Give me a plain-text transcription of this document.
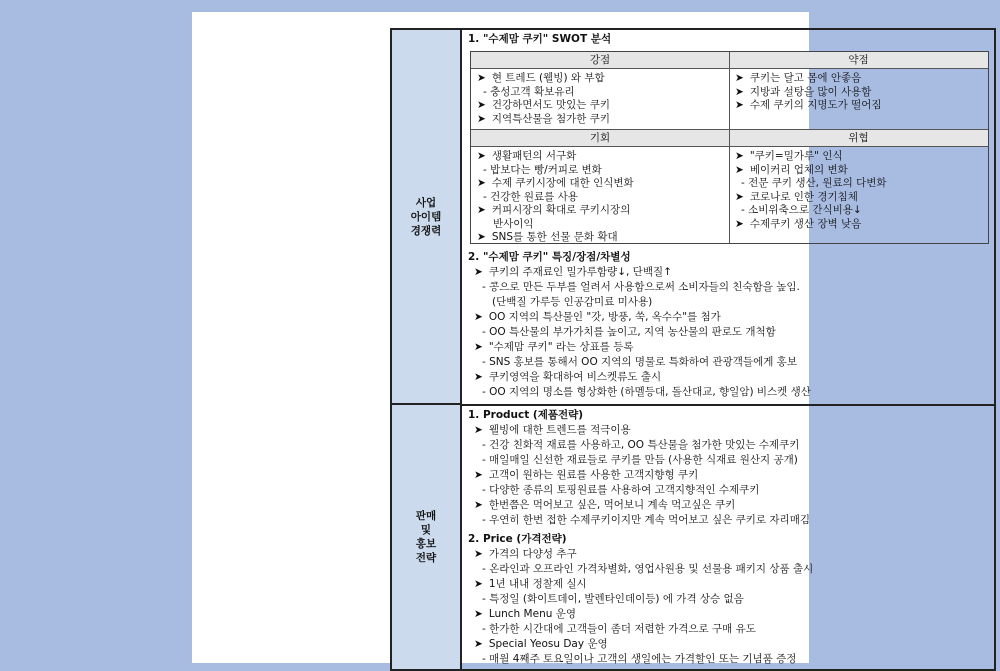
사업
아이템
경쟁력
판매
및
홍보
전략
1. "수제맘 쿠키" SWOT 분석
강점	약점
➤ 현 트레드 (웰빙) 와 부합
- 충성고객 확보유리
➤ 건강하면서도 맛있는 쿠키
➤ 지역특산물을 첨가한 쿠키
➤ 쿠키는 달고 몸에 안좋음
➤ 지방과 설탕을 많이 사용함
➤ 수제 쿠키의 지명도가 떨어짐
기회	위협
➤ 생활패턴의 서구화
- 밥보다는 빵/커피로 변화
➤ 수제 쿠키시장에 대한 인식변화
- 건강한 원료를 사용
➤ 커피시장의 확대로 쿠키시장의
반사이익
➤ SNS를 통한 선물 문화 확대
➤ "쿠키=밀가루" 인식
➤ 베이커리 업체의 변화
- 전문 쿠키 생산, 원료의 다변화
➤ 코로나로 인한 경기침체
- 소비위축으로 간식비용↓
➤ 수제쿠키 생산 장벽 낮음
2. "수제맘 쿠키" 특징/장점/차별성
➤ 쿠키의 주재료인 밀가루함량↓, 단백질↑
- 콩으로 만든 두부를 얼려서 사용함으로써 소비자들의 친숙함을 높임.
(단백질 가루등 인공감미료 미사용)
➤ OO 지역의 특산물인 "갓, 방풍, 쑥, 옥수수"를 첨가
- OO 특산물의 부가가치를 높이고, 지역 농산물의 판로도 개척함
➤ "수제맘 쿠키" 라는 상표를 등록
- SNS 홍보를 통해서 OO 지역의 명물로 특화하여 관광객들에게 홍보
➤ 쿠키영역을 확대하여 비스켓류도 출시
- OO 지역의 명소를 형상화한 (하멜등대, 돌산대교, 향일암) 비스켓 생산
1. Product (제품전략)
➤ 웰빙에 대한 트렌드를 적극이용
- 건강 친화적 재료를 사용하고, OO 특산물을 첨가한 맛있는 수제쿠키
- 매일매일 신선한 재료들로 쿠키를 만듬 (사용한 식재료 원산지 공개)
➤ 고객이 원하는 원료를 사용한 고객지향형 쿠키
- 다양한 종류의 토핑원료를 사용하여 고객지향적인 수제쿠키
➤ 한번쯤은 먹어보고 싶은, 먹어보니 계속 먹고싶은 쿠키
- 우연히 한번 접한 수제쿠키이지만 계속 먹어보고 싶은 쿠키로 자리매김
2. Price (가격전략)
➤ 가격의 다양성 추구
- 온라인과 오프라인 가격차별화, 영업사원용 및 선물용 패키지 상품 출시
➤ 1년 내내 정찰제 실시
- 특정일 (화이트데이, 발렌타인데이등) 에 가격 상승 없음
➤ Lunch Menu 운영
- 한가한 시간대에 고객들이 좀더 저렴한 가격으로 구매 유도
➤ Special Yeosu Day 운영
- 매월 4째주 토요일이나 고객의 생일에는 가격할인 또는 기념품 증정
